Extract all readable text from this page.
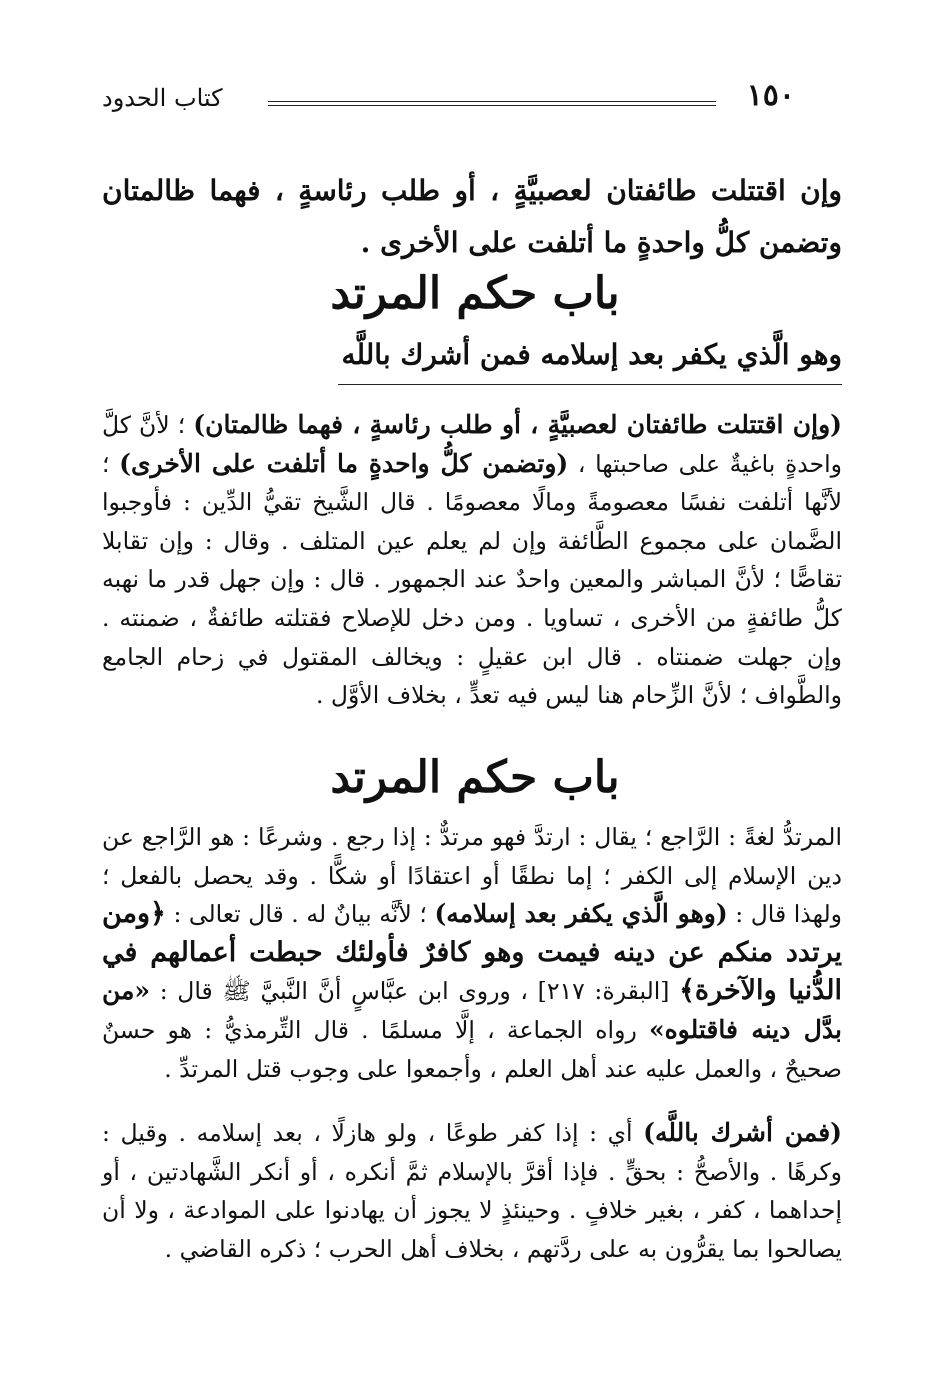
١٥٠
كتاب الحدود
وإن اقتتلت طائفتان لعصبيَّةٍ ، أو طلب رئاسةٍ ، فهما ظالمتان وتضمن كلُّ واحدةٍ ما أتلفت على الأخرى .
باب حكم المرتد
وهو الَّذي يكفر بعد إسلامه فمن أشرك باللَّه
(وإن اقتتلت طائفتان لعصبيَّةٍ ، أو طلب رئاسةٍ ، فهما ظالمتان) ؛ لأنَّ كلَّ واحدةٍ باغيةٌ على صاحبتها ، (وتضمن كلُّ واحدةٍ ما أتلفت على الأخرى) ؛ لأنَّها أتلفت نفسًا معصومةً ومالًا معصومًا . قال الشَّيخ تقيُّ الدِّين : فأوجبوا الضَّمان على مجموع الطَّائفة وإن لم يعلم عين المتلف . وقال : وإن تقابلا تقاصًّا ؛ لأنَّ المباشر والمعين واحدٌ عند الجمهور . قال : وإن جهل قدر ما نهبه كلُّ طائفةٍ من الأخرى ، تساويا . ومن دخل للإصلاح فقتلته طائفةٌ ، ضمنته . وإن جهلت ضمنتاه . قال ابن عقيلٍ : ويخالف المقتول في زحام الجامع والطَّواف ؛ لأنَّ الزِّحام هنا ليس فيه تعدٍّ ، بخلاف الأوَّل .
باب حكم المرتد
المرتدُّ لغةً : الرَّاجع ؛ يقال : ارتدَّ فهو مرتدٌّ : إذا رجع . وشرعًا : هو الرَّاجع عن دين الإسلام إلى الكفر ؛ إما نطقًا أو اعتقادًا أو شكًّا . وقد يحصل بالفعل ؛ ولهذا قال : (وهو الَّذي يكفر بعد إسلامه) ؛ لأنَّه بيانٌ له . قال تعالى : ﴿ومن يرتدد منكم عن دينه فيمت وهو كافرٌ فأولئك حبطت أعمالهم في الدُّنيا والآخرة﴾ [البقرة: ٢١٧] ، وروى ابن عبَّاسٍ أنَّ النَّبيَّ ﷺ قال : «من بدَّل دينه فاقتلوه» رواه الجماعة ، إلَّا مسلمًا . قال التِّرمذيُّ : هو حسنٌ صحيحٌ ، والعمل عليه عند أهل العلم ، وأجمعوا على وجوب قتل المرتدِّ .
(فمن أشرك باللَّه) أي : إذا كفر طوعًا ، ولو هازلًا ، بعد إسلامه . وقيل : وكرهًا . والأصحُّ : بحقٍّ . فإذا أقرَّ بالإسلام ثمَّ أنكره ، أو أنكر الشَّهادتين ، أو إحداهما ، كفر ، بغير خلافٍ . وحينئذٍ لا يجوز أن يهادنوا على الموادعة ، ولا أن يصالحوا بما يقرُّون به على ردَّتهم ، بخلاف أهل الحرب ؛ ذكره القاضي .
